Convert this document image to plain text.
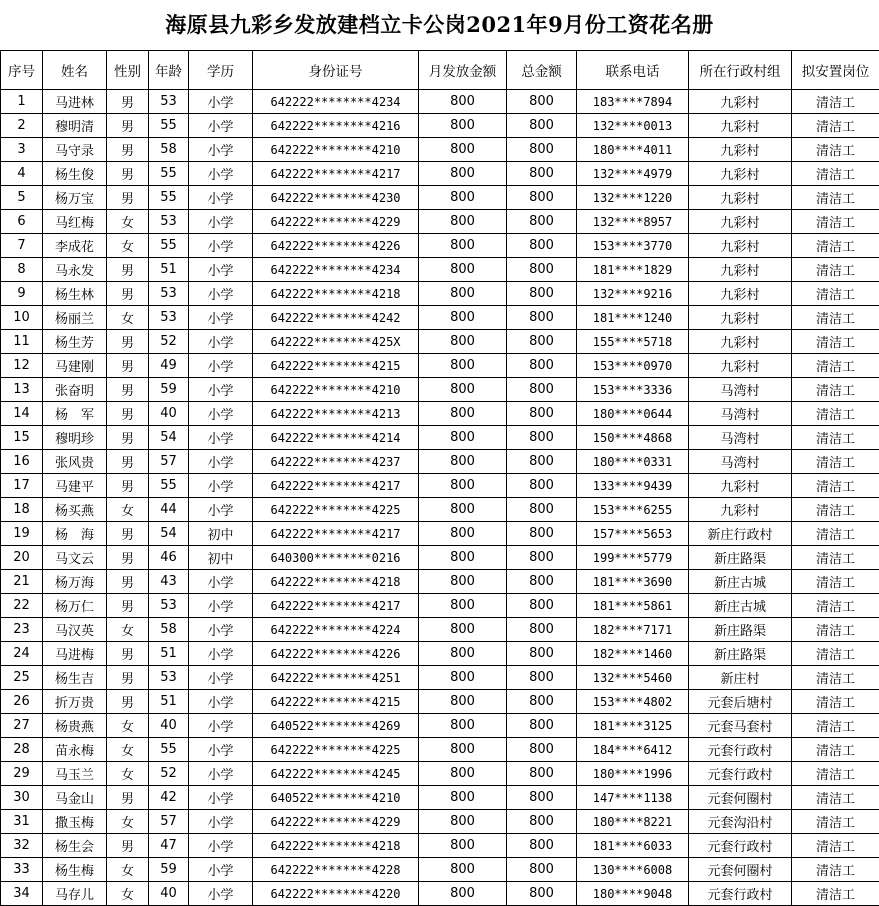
海原县九彩乡发放建档立卡公岗2021年9月份工资花名册
序号	姓名	性别	年龄	学历	身份证号	月发放金额	总金额	联系电话	所在行政村组	拟安置岗位
1	马进林	男	53	小学	642222********4234	800	800	183****7894	九彩村	清洁工
2	穆明清	男	55	小学	642222********4216	800	800	132****0013	九彩村	清洁工
3	马守录	男	58	小学	642222********4210	800	800	180****4011	九彩村	清洁工
4	杨生俊	男	55	小学	642222********4217	800	800	132****4979	九彩村	清洁工
5	杨万宝	男	55	小学	642222********4230	800	800	132****1220	九彩村	清洁工
6	马红梅	女	53	小学	642222********4229	800	800	132****8957	九彩村	清洁工
7	李成花	女	55	小学	642222********4226	800	800	153****3770	九彩村	清洁工
8	马永发	男	51	小学	642222********4234	800	800	181****1829	九彩村	清洁工
9	杨生林	男	53	小学	642222********4218	800	800	132****9216	九彩村	清洁工
10	杨丽兰	女	53	小学	642222********4242	800	800	181****1240	九彩村	清洁工
11	杨生芳	男	52	小学	642222********425X	800	800	155****5718	九彩村	清洁工
12	马建刚	男	49	小学	642222********4215	800	800	153****0970	九彩村	清洁工
13	张奋明	男	59	小学	642222********4210	800	800	153****3336	马湾村	清洁工
14	杨　军	男	40	小学	642222********4213	800	800	180****0644	马湾村	清洁工
15	穆明珍	男	54	小学	642222********4214	800	800	150****4868	马湾村	清洁工
16	张风贵	男	57	小学	642222********4237	800	800	180****0331	马湾村	清洁工
17	马建平	男	55	小学	642222********4217	800	800	133****9439	九彩村	清洁工
18	杨买燕	女	44	小学	642222********4225	800	800	153****6255	九彩村	清洁工
19	杨　海	男	54	初中	642222********4217	800	800	157****5653	新庄行政村	清洁工
20	马文云	男	46	初中	640300********0216	800	800	199****5779	新庄路渠	清洁工
21	杨万海	男	43	小学	642222********4218	800	800	181****3690	新庄古城	清洁工
22	杨万仁	男	53	小学	642222********4217	800	800	181****5861	新庄古城	清洁工
23	马汉英	女	58	小学	642222********4224	800	800	182****7171	新庄路渠	清洁工
24	马进梅	男	51	小学	642222********4226	800	800	182****1460	新庄路渠	清洁工
25	杨生吉	男	53	小学	642222********4251	800	800	132****5460	新庄村	清洁工
26	折万贵	男	51	小学	642222********4215	800	800	153****4802	元套后塘村	清洁工
27	杨贵燕	女	40	小学	640522********4269	800	800	181****3125	元套马套村	清洁工
28	苗永梅	女	55	小学	642222********4225	800	800	184****6412	元套行政村	清洁工
29	马玉兰	女	52	小学	642222********4245	800	800	180****1996	元套行政村	清洁工
30	马金山	男	42	小学	640522********4210	800	800	147****1138	元套何圈村	清洁工
31	撒玉梅	女	57	小学	642222********4229	800	800	180****8221	元套沟沿村	清洁工
32	杨生会	男	47	小学	642222********4218	800	800	181****6033	元套行政村	清洁工
33	杨生梅	女	59	小学	642222********4228	800	800	130****6008	元套何圈村	清洁工
34	马存儿	女	40	小学	642222********4220	800	800	180****9048	元套行政村	清洁工
